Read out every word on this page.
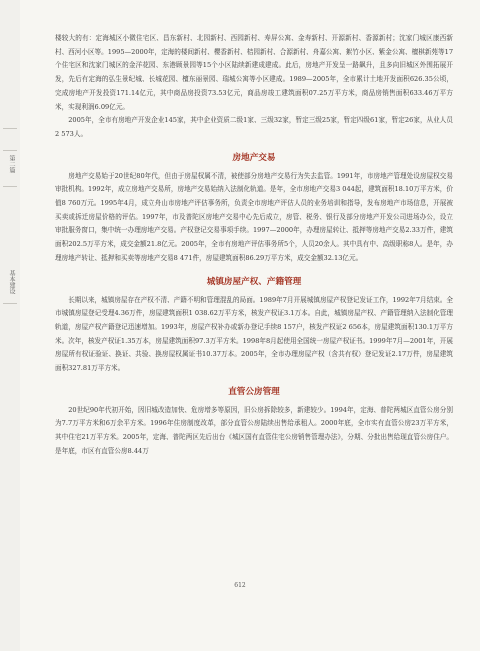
第二篇
基本建设

楼较大的有：定海城区小微住宅区、昌东新村、北园新村、西园新村、寿屏公寓、金寿新村、开源新村、香源新村；沈家门城区康西新村、西河小区等。1995—2000年，定海的楼间新村、樱香新村、桔园新村、合源新村、舟嘉公寓、絮竹小区、紫金公寓、檀棋新苑等17个住宅区和沈家门城区的金洋花园、东港顾景园等15个小区陆续新建成建成。此后，房地产开发呈一路飙升，且多向旧城区外围拓展开发，先后有定海的弘生景纪城、长城花园、檀东丽景园、瑞城公寓等小区建成。1989—2005年，全市累计土地开发面积626.35公顷，完成房地产开发投资171.14亿元，其中商品房投资73.53亿元，商品房竣工建筑面积07.25万平方米，商品房销售面积633.46万平方米，实现利润6.09亿元。

2005年，全市有房地产开发企业145家，其中企业资质二级1家、三级32家，暂定三级25家，暂定四级61家，暂定26家，从业人员2 573人。

房地产交易

房地产交易始于20世纪80年代，但由于房屋权属不清，被使部分房地产交易行为失去监管。1991年，市房地产管理处设房屋权交易审批机构。1992年，成立房地产交易所，房地产交易始纳入法制化轨道。是年，全市房地产交易3 044起，建筑面积18.10万平方米，价值8 760万元。1995年4月，成立舟山市房地产评估事务所，负责全市房地产评估人员的业务培训和指导，发布房地产市场信息，开展被买卖或拆迁房屋价格的评估。1997年，市及普陀区房地产交易中心先后成立，房管、税务、银行及部分房地产开发公司进场办公，设立审批服务窗口，集中统一办理房地产交易。产权登记交易事项手续。1997—2000年，办理房屋转让、抵押等房地产交易2.33万件，建筑面积202.5万平方米，成交金额21.8亿元。2005年，全市有房地产评估事务所5个，人员20余人。其中具有中、高级职称8人。是年，办理房地产转让、抵押和买卖等房地产交易8 471件，房屋建筑面积86.29万平方米，成交金额32.13亿元。

城镇房屋产权、产籍管理

长期以来，城镇房屋存在产权不清、产籍不明和管理混乱的局面。1989年7月开展城镇房屋产权登记发证工作，1992年7月结束。全市城镇房屋登记受理4.36万件，房屋建筑面积1 038.62万平方米，核发产权证3.1万本。自此，城镇房屋产权、产籍管理纳入法制化管理轨道，房屋产权产籍登记迅速增加。1993年，房屋产权补办或新办登记手续8 157户，核发产权证2 656本，房屋建筑面积130.1万平方米。次年，核发产权证1.35万本，房屋建筑面积97.3万平方米。1998年8月起使用全国统一房屋产权证书。1999年7月—2001年，开展房屋所有权证验证、换证、共验、换房屋权属证书10.37万本。2005年，全市办理房屋产权（含共有权）登记发证2.17万件，房屋建筑面积327.81万平方米。

直管公房管理

20世纪90年代初开始，因旧城改造加快、危房增多等原因，旧公房拆除较多，新建较少。1994年，定海、普陀两城区直管公房分别为7.7万平方米和6万余平方米。1996年住房制度改革，部分直管公房陆续出售给承租人。2000年底，全市实有直管公房23万平方米，其中住宅21万平方米。2005年，定海、普陀两区先后出台《城区国有直管住宅公房销售管理办法》，分期、分批出售给现直管公房住户。是年底，市区有直管公房8.44万

612
